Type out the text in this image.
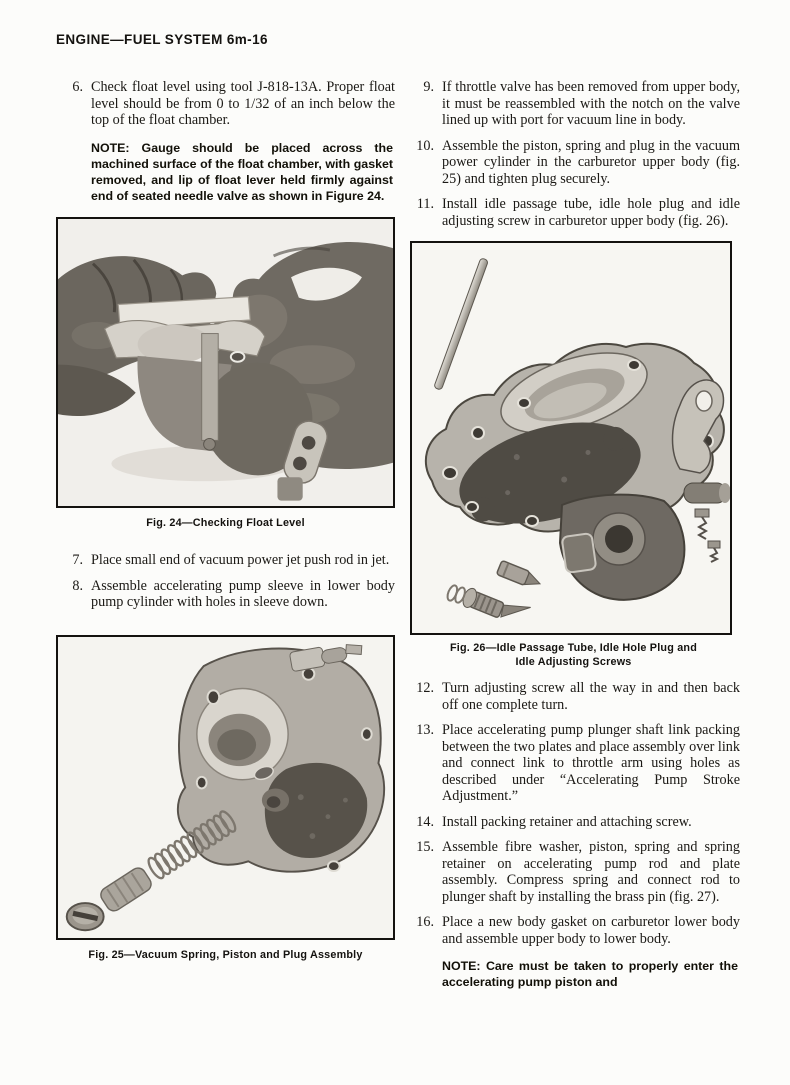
ENGINE—FUEL SYSTEM 6m-16
6. Check float level using tool J-818-13A. Proper float level should be from 0 to 1/32 of an inch below the top of the float chamber.
NOTE: Gauge should be placed across the machined surface of the float chamber, with gasket removed, and lip of float lever held firmly against end of seated needle valve as shown in Figure 24.
Fig. 24—Checking Float Level
7. Place small end of vacuum power jet push rod in jet.
8. Assemble accelerating pump sleeve in lower body pump cylinder with holes in sleeve down.
Fig. 25—Vacuum Spring, Piston and Plug Assembly
9. If throttle valve has been removed from upper body, it must be reassembled with the notch on the valve lined up with port for vacuum line in body.
10. Assemble the piston, spring and plug in the vacuum power cylinder in the carburetor upper body (fig. 25) and tighten plug securely.
11. Install idle passage tube, idle hole plug and idle adjusting screw in carburetor upper body (fig. 26).
Fig. 26—Idle Passage Tube, Idle Hole Plug and
Idle Adjusting Screws
12. Turn adjusting screw all the way in and then back off one complete turn.
13. Place accelerating pump plunger shaft link packing between the two plates and place assembly over link and connect link to throttle arm using holes as described under “Accelerating Pump Stroke Adjustment.”
14. Install packing retainer and attaching screw.
15. Assemble fibre washer, piston, spring and spring retainer on accelerating pump rod and plate assembly. Compress spring and connect rod to plunger shaft by installing the brass pin (fig. 27).
16. Place a new body gasket on carburetor lower body and assemble upper body to lower body.
NOTE: Care must be taken to properly enter the accelerating pump piston and
